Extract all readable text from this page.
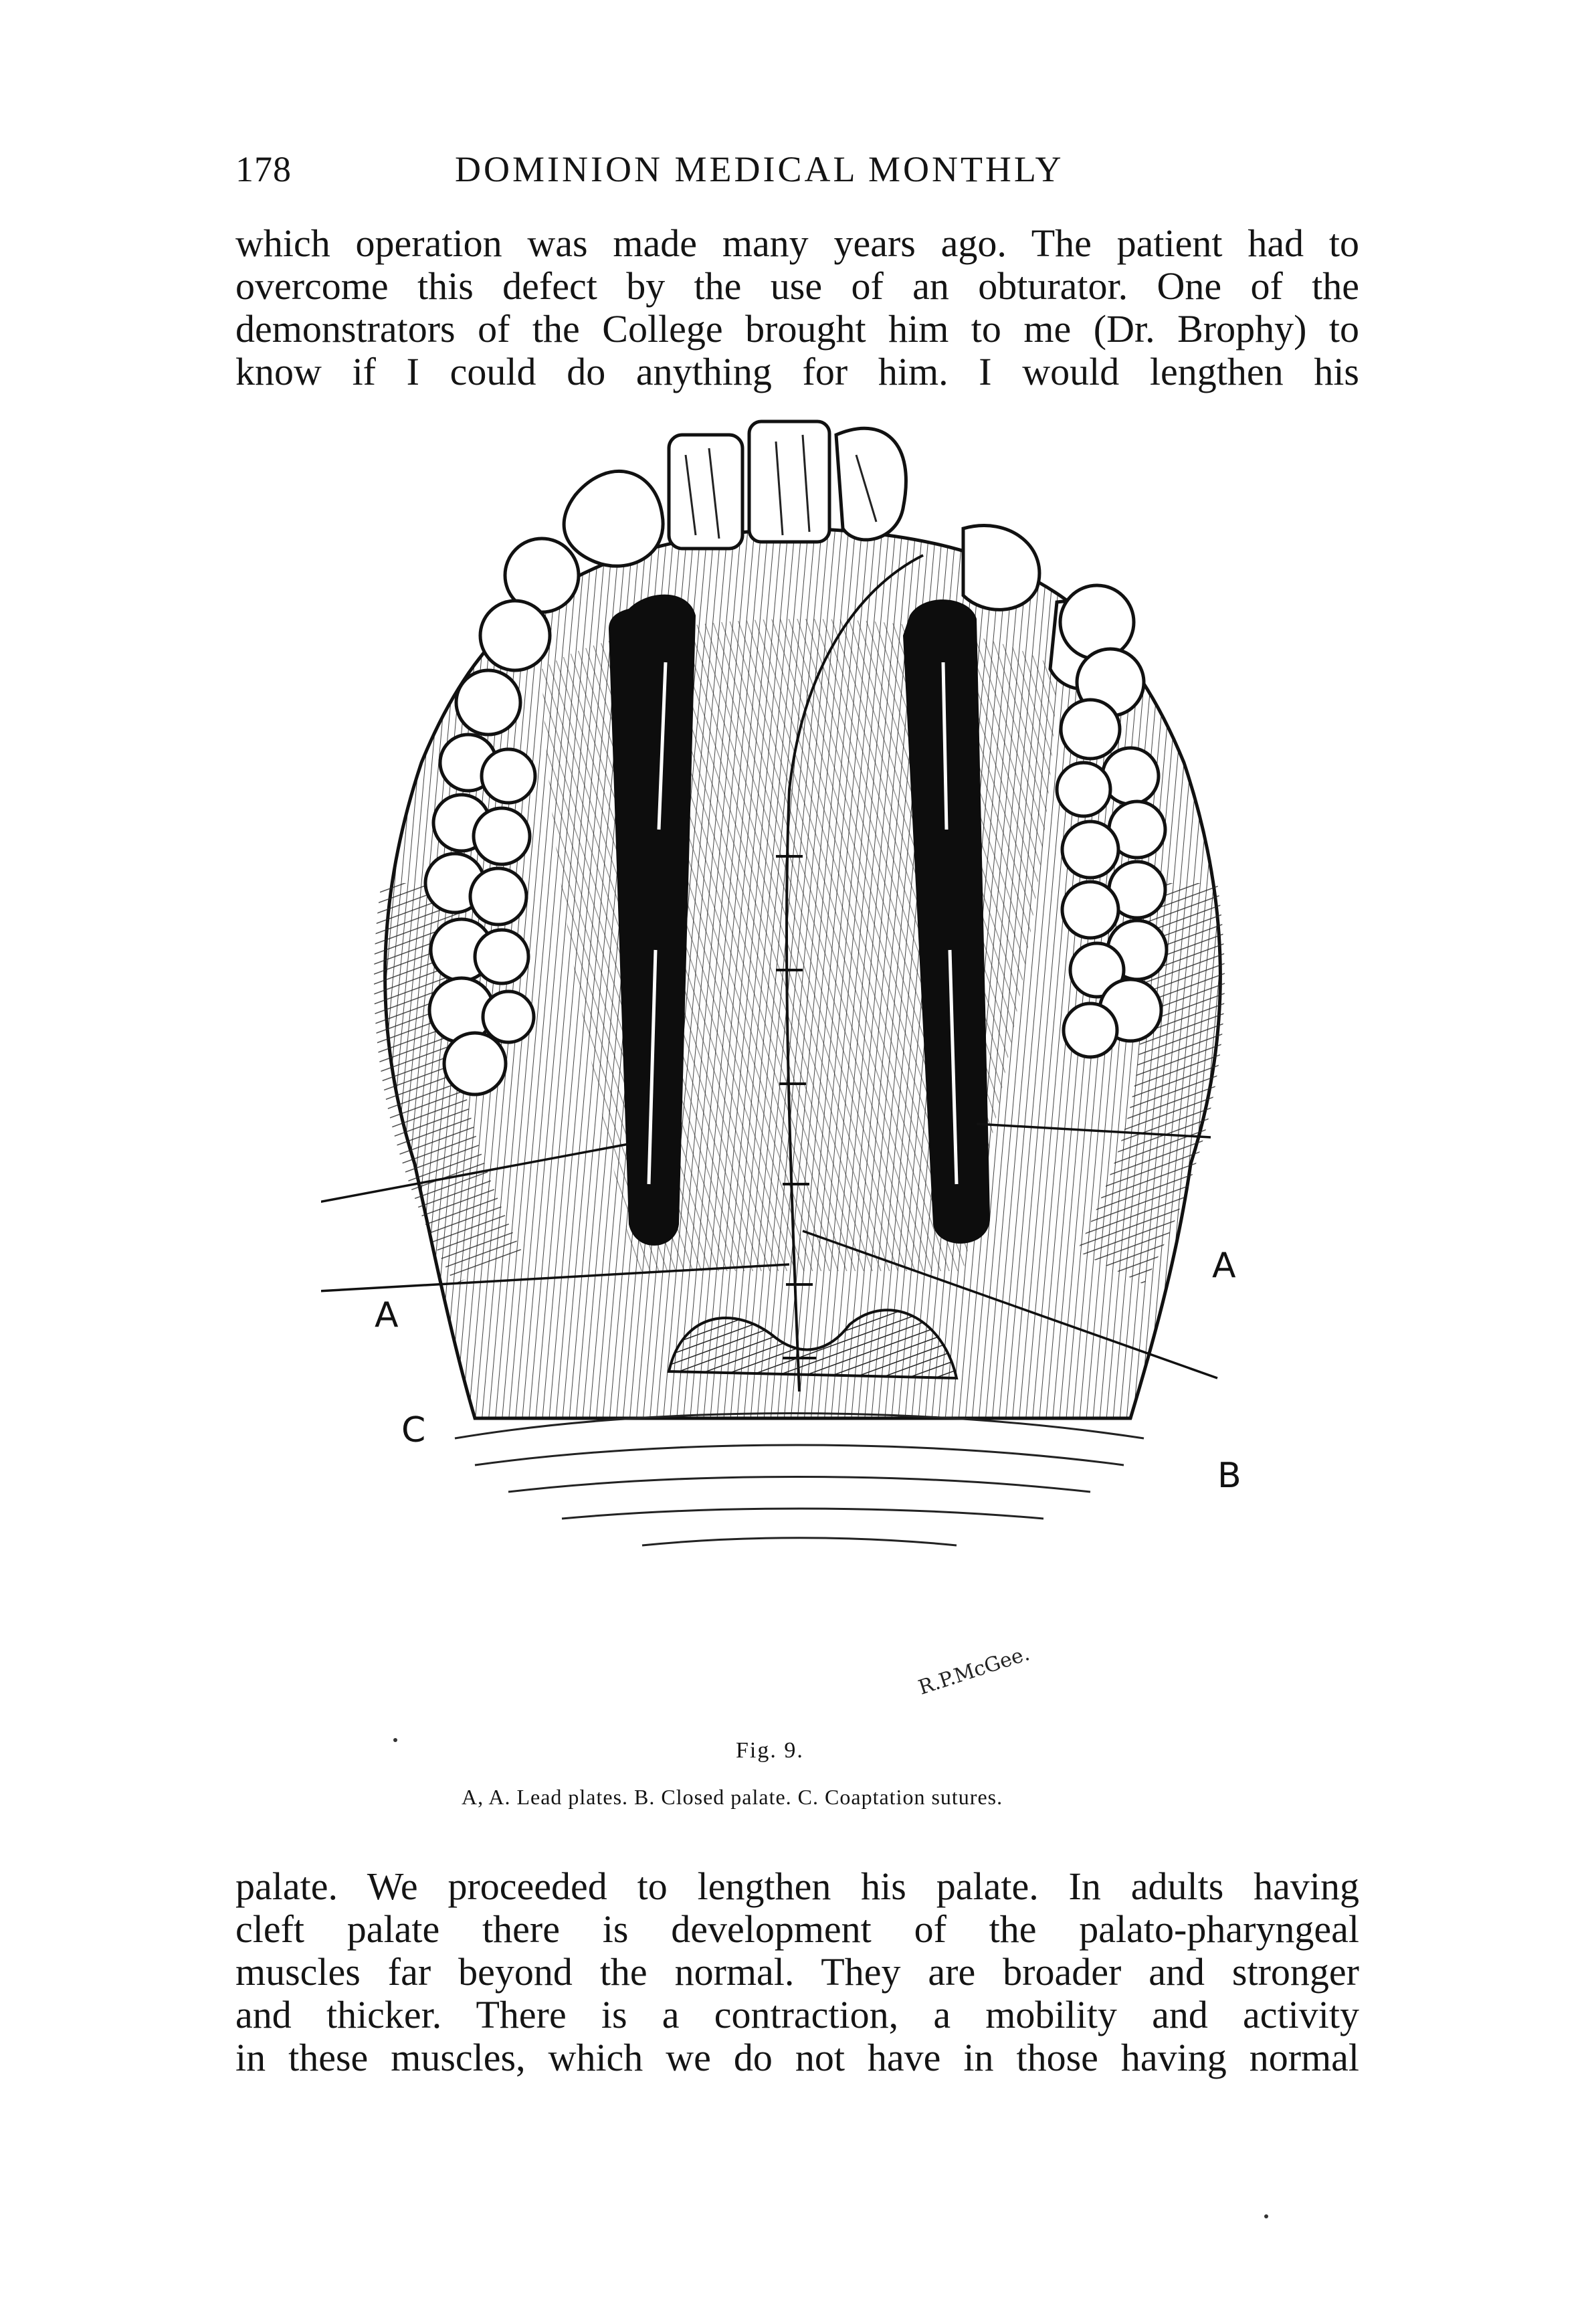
178	DOMINION MEDICAL MONTHLY
which operation was made many years ago. The patient had to
overcome this defect by the use of an obturator. One of the
demonstrators of the College brought him to me (Dr. Brophy) to
know if I could do anything for him. I would lengthen his
A
A
B
C
R.P.McGee.
Fig. 9.
A, A. Lead plates. B. Closed palate. C. Coaptation sutures.
palate. We proceeded to lengthen his palate. In adults having
cleft palate there is development of the palato-pharyngeal
muscles far beyond the normal. They are broader and stronger
and thicker. There is a contraction, a mobility and activity
in these muscles, which we do not have in those having normal
